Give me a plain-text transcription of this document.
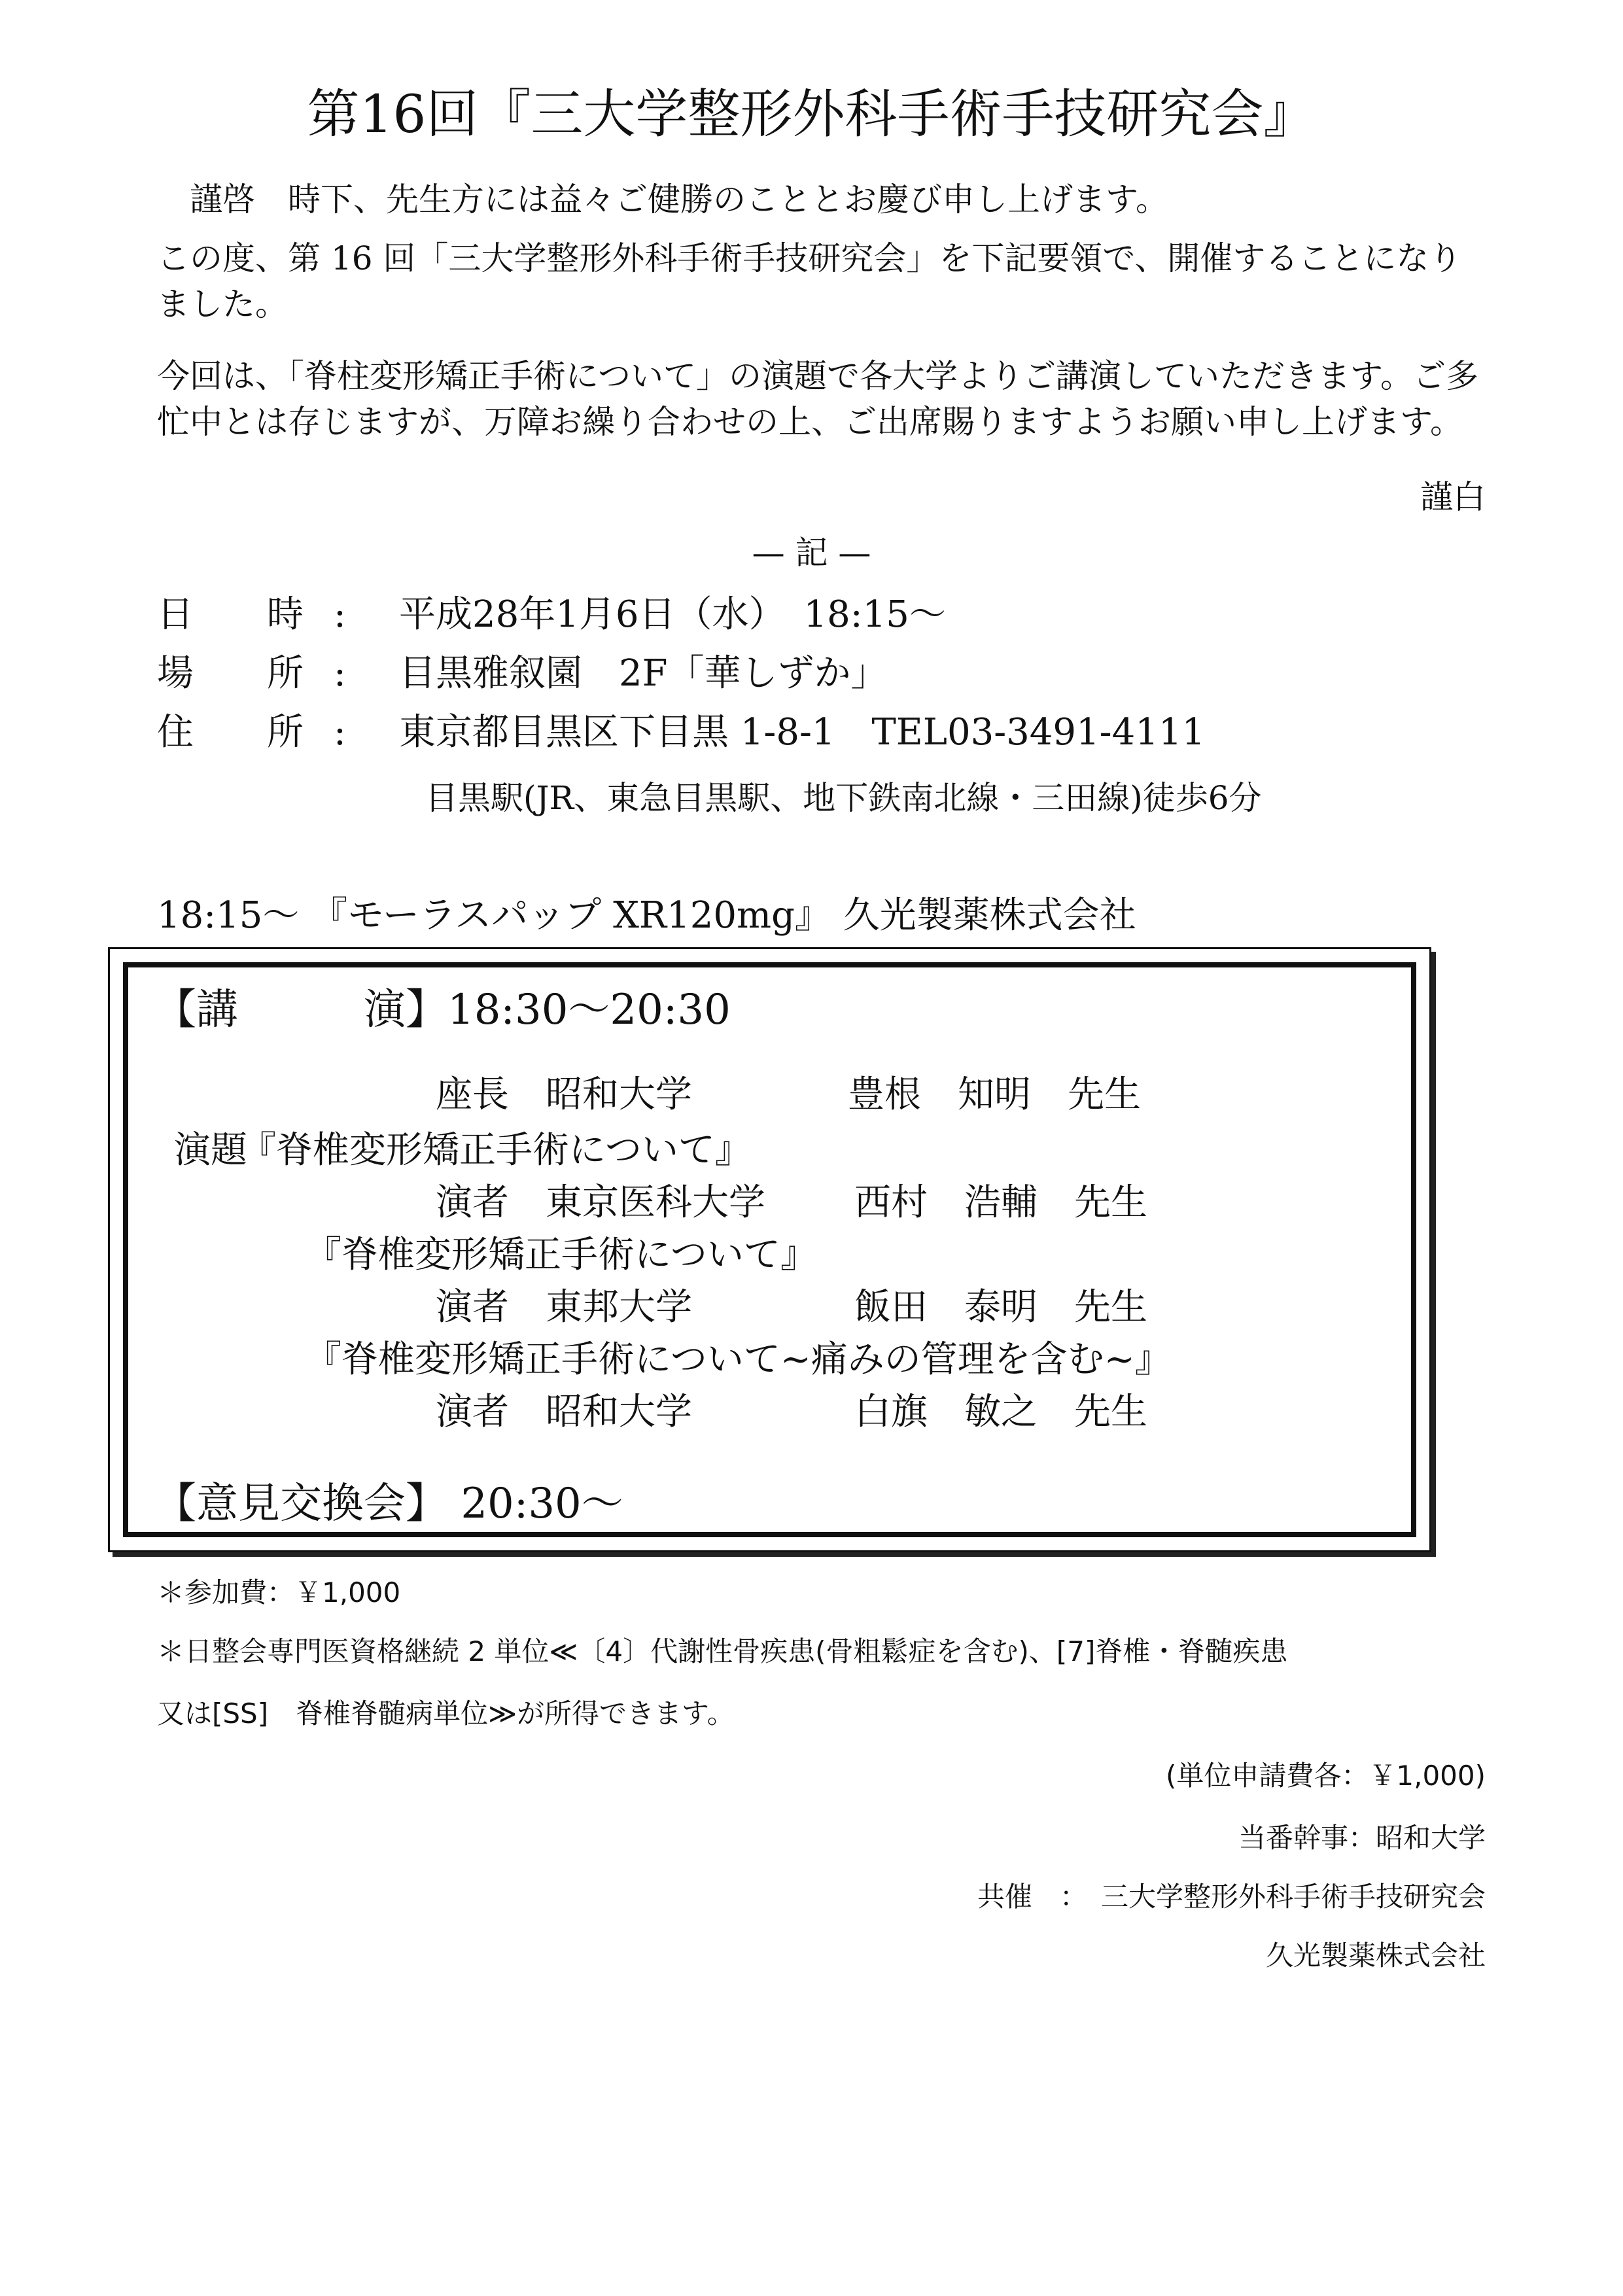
第16回『三大学整形外科手術手技研究会』
謹啓　時下、先生方には益々ご健勝のこととお慶び申し上げます。
この度、第 16 回「三大学整形外科手術手技研究会」を下記要領で、開催することになりました。
今回は、「脊柱変形矯正手術について」の演題で各大学よりご講演していただきます。ご多忙中とは存じますが、万障お繰り合わせの上、ご出席賜りますようお願い申し上げます。
謹白
— 記 —
日　　時 : 平成28年1月6日（水）　18:15〜
場　　所 : 目黒雅叙園　2F「華しずか」
住　　所 : 東京都目黒区下目黒 1-8-1　TEL03-3491-4111
目黒駅(JR、東急目黒駅、地下鉄南北線・三田線)徒歩6分
18:15〜 『モーラスパップ XR120mg』 久光製薬株式会社
【講　　　演】18:30〜20:30
座長　昭和大学	豊根　知明　先生
演題
『脊椎変形矯正手術について』
演者　東京医科大学 西村　浩輔　先生
『脊椎変形矯正手術について』
演者　東邦大学	飯田　泰明　先生
『脊椎変形矯正手術について~痛みの管理を含む~』
演者　昭和大学	白旗　敏之　先生
【意見交換会】 20:30〜
＊参加費：￥1,000
＊日整会専門医資格継続 2 単位≪〔4〕代謝性骨疾患(骨粗鬆症を含む)、[7]脊椎・脊髄疾患
又は[SS]　脊椎脊髄病単位≫が所得できます。
(単位申請費各：￥1,000)
当番幹事：昭和大学
共催　：　三大学整形外科手術手技研究会
久光製薬株式会社
